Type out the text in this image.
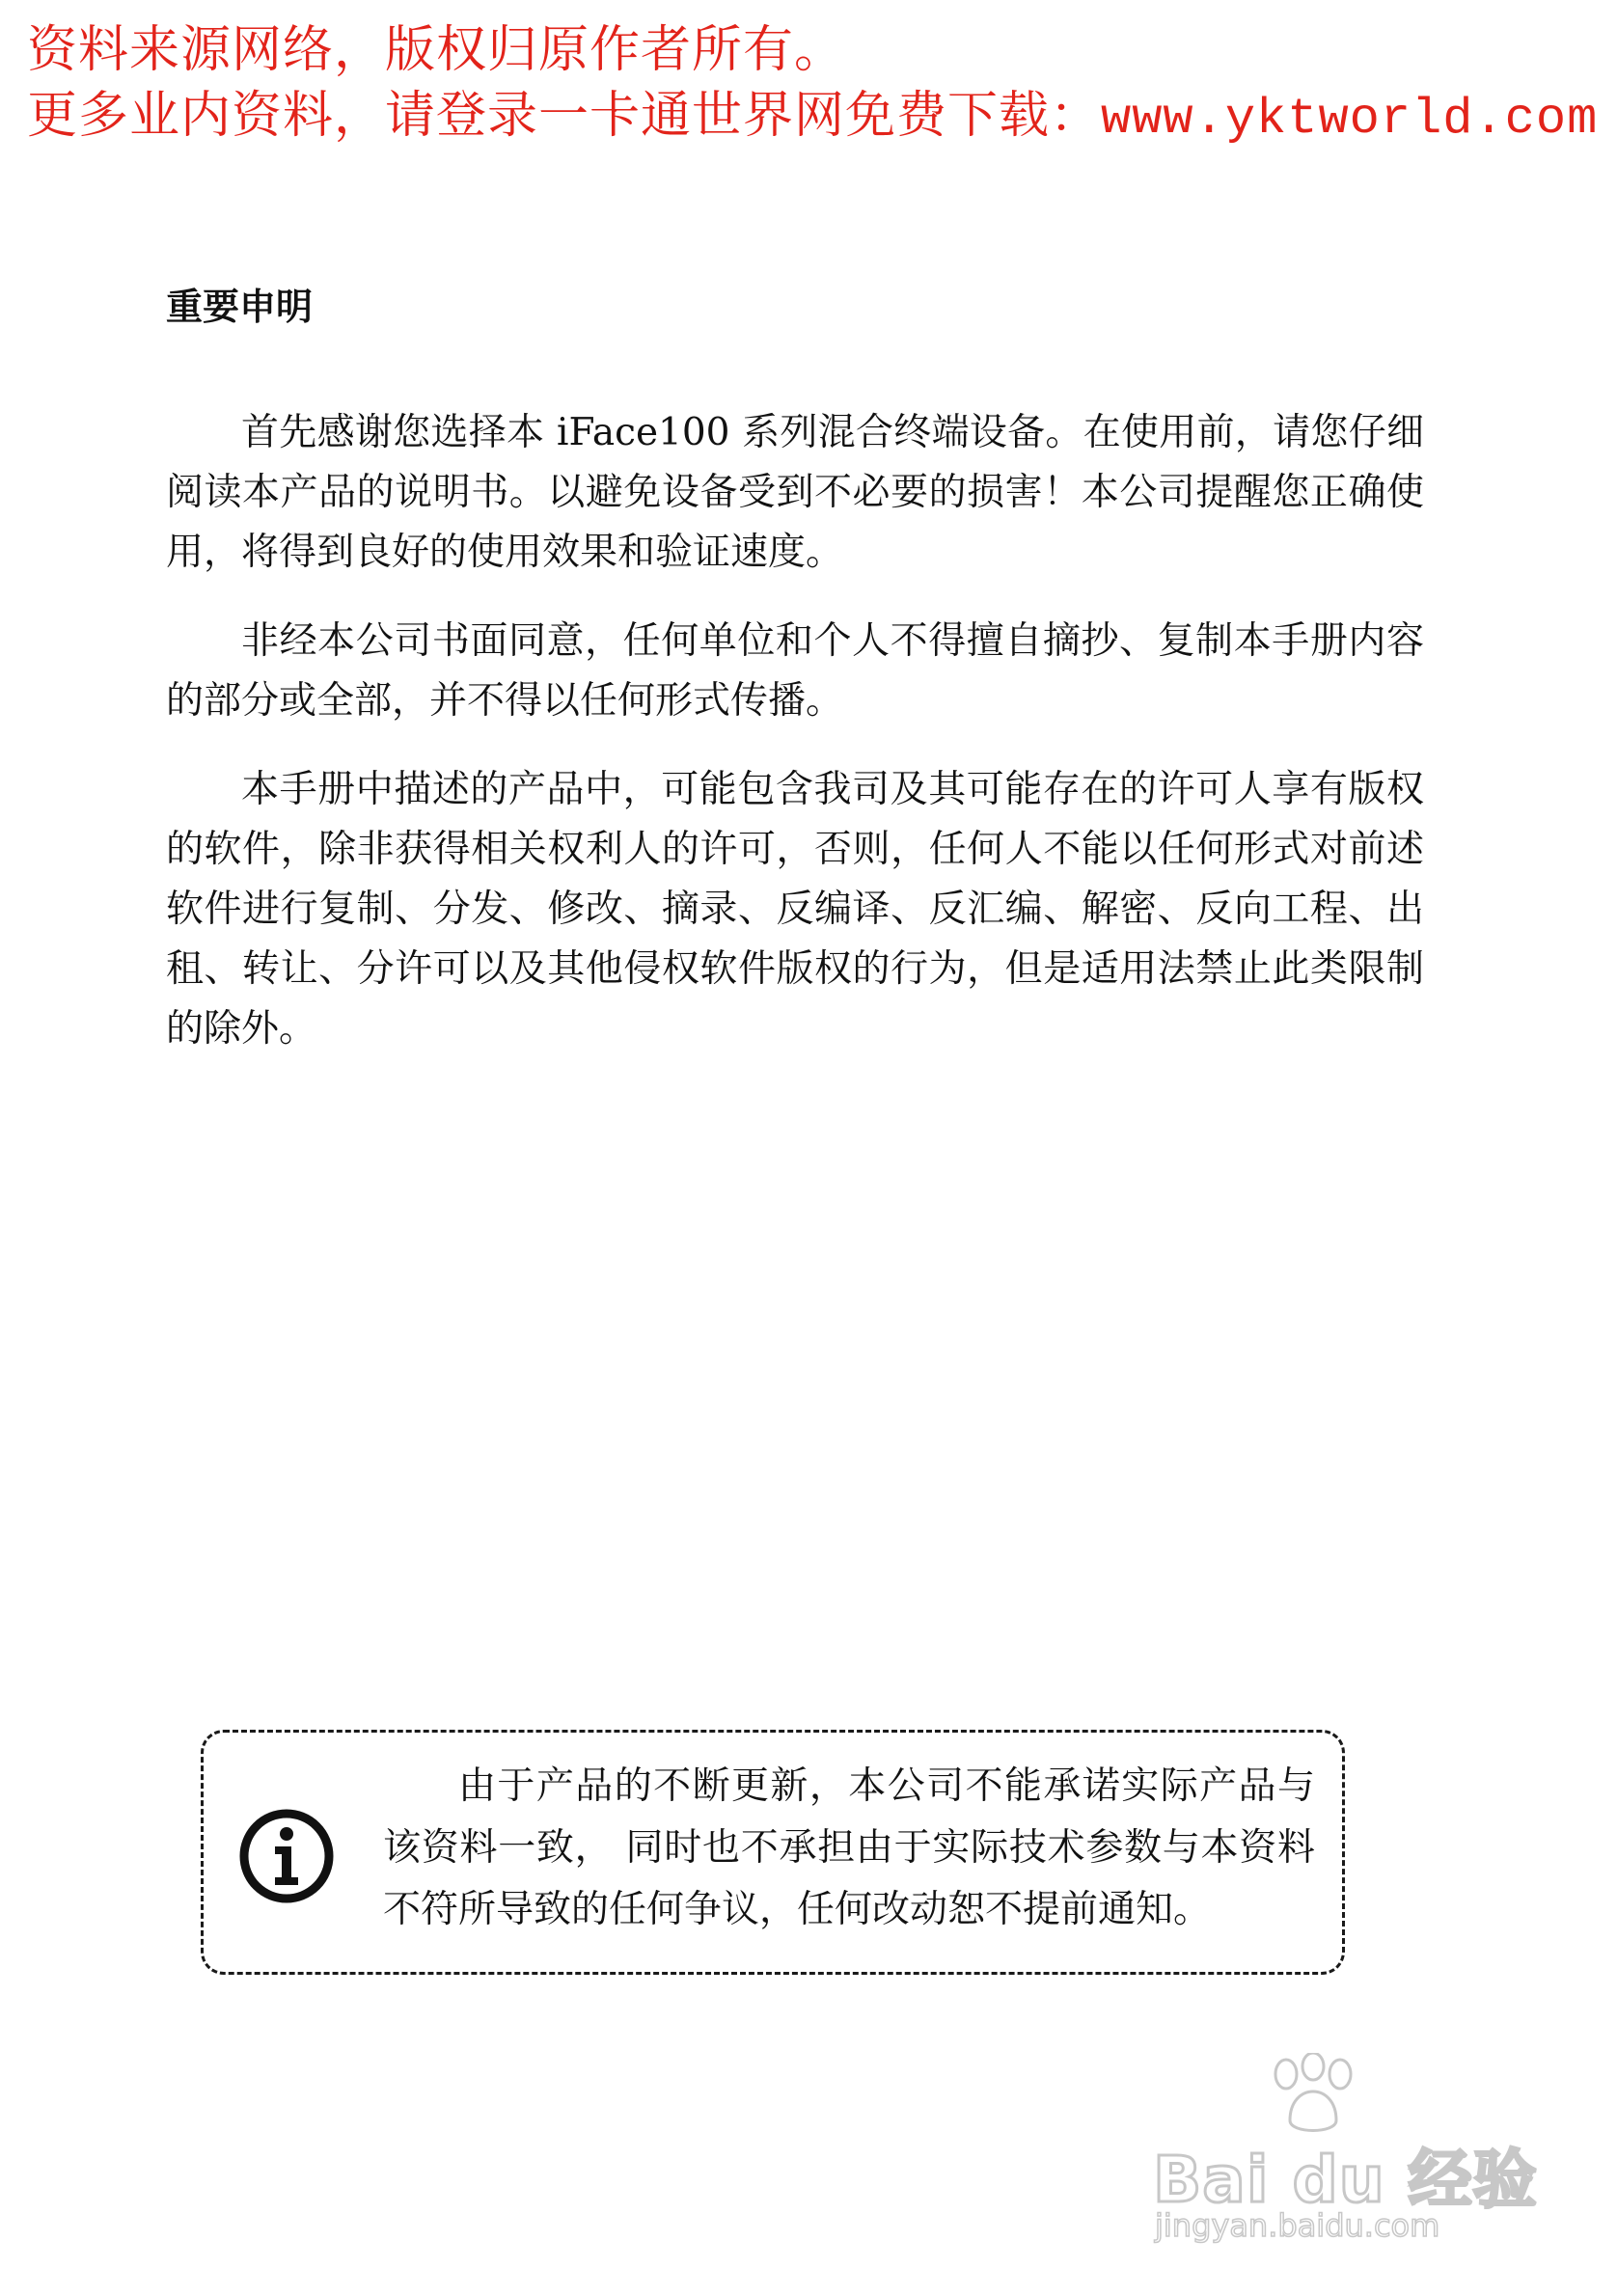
资料来源网络，版权归原作者所有。
更多业内资料，请登录一卡通世界网免费下载：www.yktworld.com
重要申明

首先感谢您选择本 iFace100 系列混合终端设备。在使用前，请您仔细阅读本产品的说明书。以避免设备受到不必要的损害！本公司提醒您正确使用，将得到良好的使用效果和验证速度。

非经本公司书面同意，任何单位和个人不得擅自摘抄、复制本手册内容的部分或全部，并不得以任何形式传播。

本手册中描述的产品中，可能包含我司及其可能存在的许可人享有版权的软件，除非获得相关权利人的许可，否则，任何人不能以任何形式对前述软件进行复制、分发、修改、摘录、反编译、反汇编、解密、反向工程、出租、转让、分许可以及其他侵权软件版权的行为，但是适用法禁止此类限制的除外。

由于产品的不断更新，本公司不能承诺实际产品与该资料一致， 同时也不承担由于实际技术参数与本资料不符所导致的任何争议，任何改动恕不提前通知。

Bai du 经验
jingyan.baidu.com
